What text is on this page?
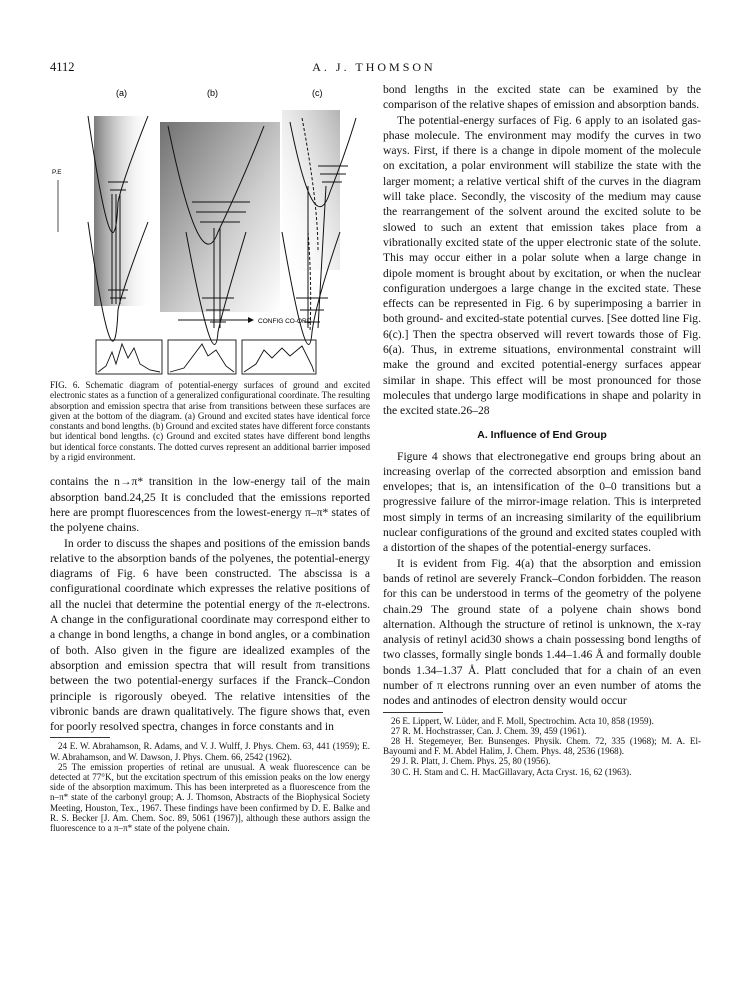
4112	A. J. THOMSON
(a)	(b)	(c)
P.E
CONFIG CO-ORD
FIG. 6. Schematic diagram of potential-energy surfaces of ground and excited electronic states as a function of a generalized configurational coordinate. The resulting absorption and emission spectra that arise from transitions between these surfaces are given at the bottom of the diagram. (a) Ground and excited states have identical force constants and bond lengths. (b) Ground and excited states have different force constants but identical bond lengths. (c) Ground and excited states have different bond lengths but identical force constants. The dotted curves represent an additional barrier imposed by a rigid environment.

contains the n→π* transition in the low-energy tail of the main absorption band.24,25 It is concluded that the emissions reported here are prompt fluorescences from the lowest-energy π–π* states of the polyene chains.

In order to discuss the shapes and positions of the emission bands relative to the absorption bands of the polyenes, the potential-energy diagrams of Fig. 6 have been constructed. The abscissa is a configurational coordinate which expresses the relative positions of all the nuclei that determine the potential energy of the π-electrons. A change in the configurational coordinate may correspond either to a change in bond lengths, a change in bond angles, or a combination of both. Also given in the figure are idealized examples of the absorption and emission spectra that will result from transitions between the two potential-energy surfaces if the Franck–Condon principle is rigorously obeyed. The relative intensities of the vibronic bands are drawn qualitatively. The figure shows that, even for poorly resolved spectra, changes in force constants and in

24 E. W. Abrahamson, R. Adams, and V. J. Wulff, J. Phys. Chem. 63, 441 (1959); E. W. Abrahamson, and W. Dawson, J. Phys. Chem. 66, 2542 (1962).

25 The emission properties of retinal are unusual. A weak fluorescence can be detected at 77°K, but the excitation spectrum of this emission peaks on the low energy side of the absorption maximum. This has been interpreted as a fluorescence from the n–π* state of the carbonyl group; A. J. Thomson, Abstracts of the Biophysical Society Meeting, Houston, Tex., 1967. These findings have been confirmed by D. E. Balke and R. S. Becker [J. Am. Chem. Soc. 89, 5061 (1967)], although these authors assign the fluorescence to a π–π* state of the polyene chain.

bond lengths in the excited state can be examined by the comparison of the relative shapes of emission and absorption bands.

The potential-energy surfaces of Fig. 6 apply to an isolated gas-phase molecule. The environment may modify the curves in two ways. First, if there is a change in dipole moment of the molecule on excitation, a polar environment will stabilize the state with the larger moment; a relative vertical shift of the curves in the diagram will take place. Secondly, the viscosity of the medium may cause the rearrangement of the solvent around the excited solute to be slowed to such an extent that emission takes place from a vibrationally excited state of the upper electronic state of the solute. This may occur either in a polar solute when a large change in dipole moment is brought about by excitation, or when the nuclear configuration undergoes a large change in the excited state. These effects can be represented in Fig. 6 by superimposing a barrier in both ground- and excited-state potential curves. [See dotted line Fig. 6(c).] Then the spectra observed will revert towards those of Fig. 6(a). Thus, in extreme situations, environmental constraint will make the ground and excited potential-energy surfaces appear similar in shape. This effect will be most pronounced for those molecules that undergo large modifications in shape and polarity in the excited state.26–28

A. Influence of End Group

Figure 4 shows that electronegative end groups bring about an increasing overlap of the corrected absorption and emission band envelopes; that is, an intensification of the 0–0 transitions but a progressive failure of the mirror-image relation. This is interpreted most simply in terms of an increasing similarity of the equilibrium nuclear configurations of the ground and excited states coupled with a distortion of the shapes of the potential-energy surfaces.

It is evident from Fig. 4(a) that the absorption and emission bands of retinol are severely Franck–Condon forbidden. The reason for this can be understood in terms of the geometry of the polyene chain.29 The ground state of a polyene chain shows bond alternation. Although the structure of retinol is unknown, the x-ray analysis of retinyl acid30 shows a chain possessing bond lengths of two classes, formally single bonds 1.44–1.46 Å and formally double bonds 1.34–1.37 Å. Platt concluded that for a chain of an even number of π electrons running over an even number of atoms the nodes and antinodes of electron density would occur

26 E. Lippert, W. Lüder, and F. Moll, Spectrochim. Acta 10, 858 (1959).

27 R. M. Hochstrasser, Can. J. Chem. 39, 459 (1961).

28 H. Stegemeyer, Ber. Bunsenges. Physik. Chem. 72, 335 (1968); M. A. El-Bayoumi and F. M. Abdel Halim, J. Chem. Phys. 48, 2536 (1968).

29 J. R. Platt, J. Chem. Phys. 25, 80 (1956).

30 C. H. Stam and C. H. MacGillavary, Acta Cryst. 16, 62 (1963).
